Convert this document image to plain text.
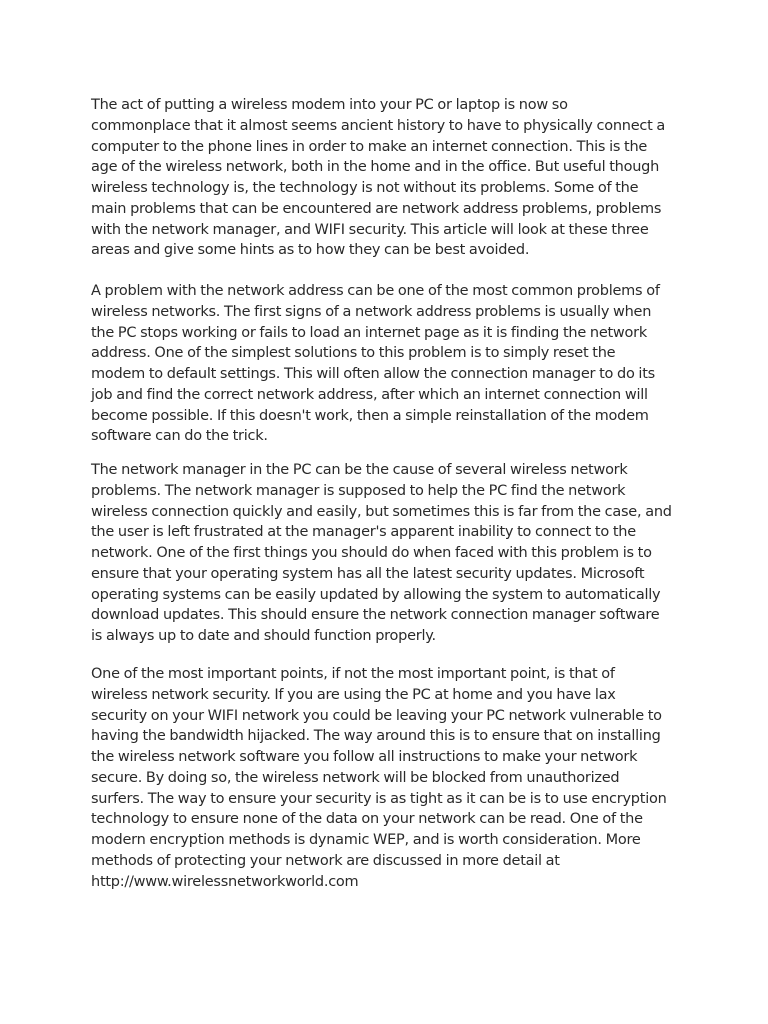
The act of putting a wireless modem into your PC or laptop is now so
commonplace that it almost seems ancient history to have to physically connect a
computer to the phone lines in order to make an internet connection. This is the
age of the wireless network, both in the home and in the office. But useful though
wireless technology is, the technology is not without its problems. Some of the
main problems that can be encountered are network address problems, problems
with the network manager, and WIFI security. This article will look at these three
areas and give some hints as to how they can be best avoided.
A problem with the network address can be one of the most common problems of
wireless networks. The first signs of a network address problems is usually when
the PC stops working or fails to load an internet page as it is finding the network
address. One of the simplest solutions to this problem is to simply reset the
modem to default settings. This will often allow the connection manager to do its
job and find the correct network address, after which an internet connection will
become possible. If this doesn't work, then a simple reinstallation of the modem
software can do the trick.
The network manager in the PC can be the cause of several wireless network
problems. The network manager is supposed to help the PC find the network
wireless connection quickly and easily, but sometimes this is far from the case, and
the user is left frustrated at the manager's apparent inability to connect to the
network. One of the first things you should do when faced with this problem is to
ensure that your operating system has all the latest security updates. Microsoft
operating systems can be easily updated by allowing the system to automatically
download updates. This should ensure the network connection manager software
is always up to date and should function properly.
One of the most important points, if not the most important point, is that of
wireless network security. If you are using the PC at home and you have lax
security on your WIFI network you could be leaving your PC network vulnerable to
having the bandwidth hijacked. The way around this is to ensure that on installing
the wireless network software you follow all instructions to make your network
secure. By doing so, the wireless network will be blocked from unauthorized
surfers. The way to ensure your security is as tight as it can be is to use encryption
technology to ensure none of the data on your network can be read. One of the
modern encryption methods is dynamic WEP, and is worth consideration. More
methods of protecting your network are discussed in more detail at
http://www.wirelessnetworkworld.com
